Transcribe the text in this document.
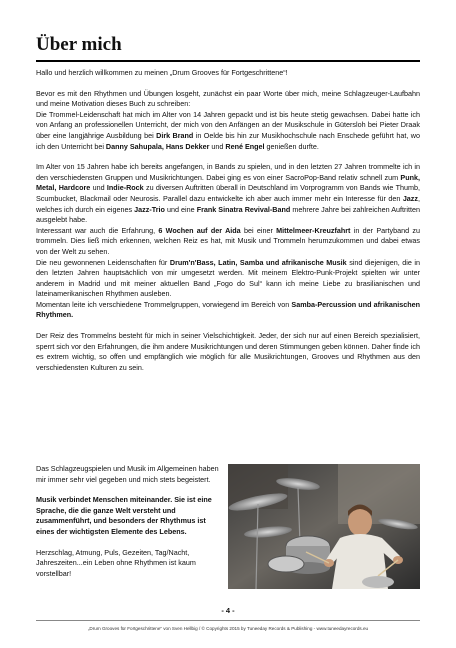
Über mich

Hallo und herzlich willkommen zu meinen „Drum Grooves für Fortgeschrittene“!

Bevor es mit den Rhythmen und Übungen losgeht, zunächst ein paar Worte über mich, meine Schlagzeuger-Laufbahn und meine Motivation dieses Buch zu schreiben:
Die Trommel-Leidenschaft hat mich im Alter von 14 Jahren gepackt und ist bis heute stetig gewachsen. Dabei hatte ich von Anfang an professionellen Unterricht, der mich von den Anfängen an der Musikschule in Gütersloh bei Pieter Draak über eine langjährige Ausbildung bei Dirk Brand in Oelde bis hin zur Musikhochschule nach Enschede geführt hat, wo ich den Unterricht bei Danny Sahupala, Hans Dekker und René Engel genießen durfte.

Im Alter von 15 Jahren habe ich bereits angefangen, in Bands zu spielen, und in den letzten 27 Jahren trommelte ich in den verschiedensten Gruppen und Musikrichtungen. Dabei ging es von einer SacroPop-Band relativ schnell zum Punk, Metal, Hardcore und Indie-Rock zu diversen Auftritten überall in Deutschland im Vorprogramm von Bands wie Thumb, Scumbucket, Blackmail oder Neurosis. Parallel dazu entwickelte ich aber auch immer mehr ein Interesse für den Jazz, welches ich durch ein eigenes Jazz-Trio und eine Frank Sinatra Revival-Band mehrere Jahre bei zahlreichen Auftritten ausgelebt habe.

Interessant war auch die Erfahrung, 6 Wochen auf der Aida bei einer Mittelmeer-Kreuzfahrt in der Partyband zu trommeln. Dies ließ mich erkennen, welchen Reiz es hat, mit Musik und Trommeln herumzukommen und dabei etwas von der Welt zu sehen.

Die neu gewonnenen Leidenschaften für Drum'n'Bass, Latin, Samba und afrikanische Musik sind diejenigen, die in den letzten Jahren hauptsächlich von mir umgesetzt werden. Mit meinem Elektro-Punk-Projekt spielten wir unter anderem in Madrid und mit meiner aktuellen Band „Fogo do Sul“ kann ich meine Liebe zu brasilianischen und lateinamerikanischen Rhythmen ausleben.

Momentan leite ich verschiedene Trommelgruppen, vorwiegend im Bereich von Samba-Percussion und afrikanischen Rhythmen.

Der Reiz des Trommelns besteht für mich in seiner Vielschichtigkeit. Jeder, der sich nur auf einen Bereich spezialisiert, sperrt sich vor den Erfahrungen, die ihm andere Musikrichtungen und deren Stimmungen geben können. Daher finde ich es extrem wichtig, so offen und empfänglich wie möglich für alle Musikrichtungen, Grooves und Rhythmen aus den verschiedensten Kulturen zu sein.

Das Schlagzeugspielen und Musik im Allgemeinen haben mir immer sehr viel gegeben und mich stets begeistert.

Musik verbindet Menschen miteinander. Sie ist eine Sprache, die die ganze Welt versteht und zusammenführt, und besonders der Rhythmus ist eines der wichtigsten Elemente des Lebens.

Herzschlag, Atmung, Puls, Gezeiten, Tag/Nacht, Jahreszeiten...ein Leben ohne Rhythmen ist kaum vorstellbar!

- 4 -
„Drum Grooves für Fortgeschrittene“ von Sven Hellbig / © Copyrights 2015 by Tuneeday Records & Publishing - www.tuneedayrecords.eu
